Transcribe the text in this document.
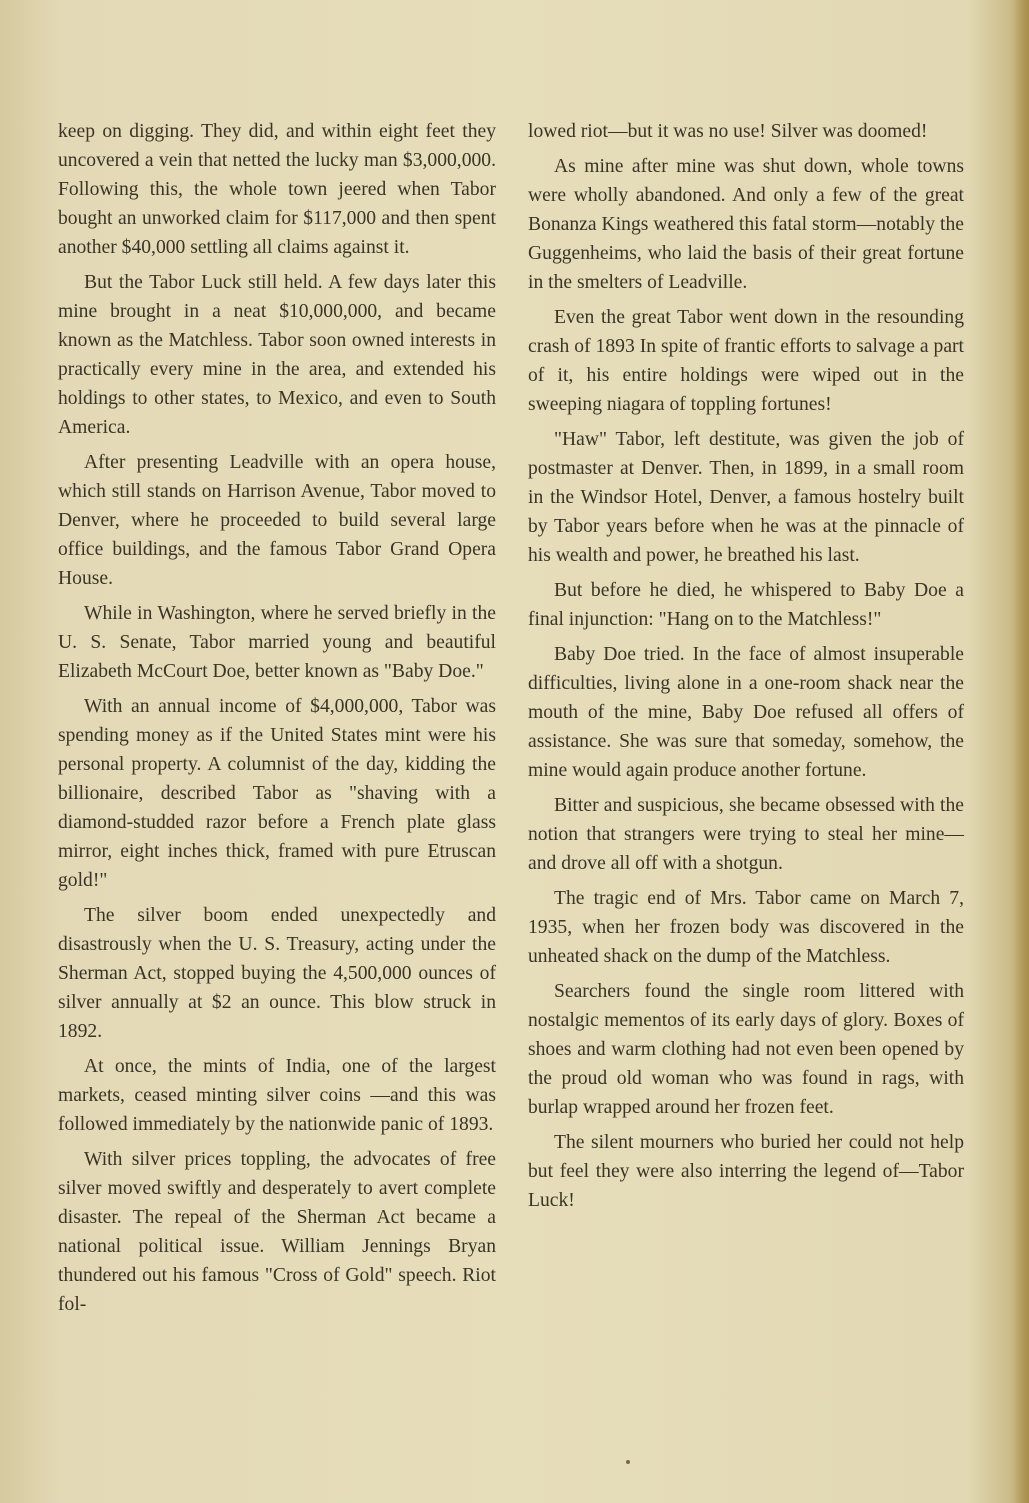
keep on digging. They did, and within eight feet they uncovered a vein that netted the lucky man $3,000,000. Following this, the whole town jeered when Tabor bought an unworked claim for $117,000 and then spent another $40,000 settling all claims against it.

But the Tabor Luck still held. A few days later this mine brought in a neat $10,000,000, and became known as the Matchless. Tabor soon owned interests in practically every mine in the area, and extended his holdings to other states, to Mexico, and even to South America.

After presenting Leadville with an opera house, which still stands on Harrison Avenue, Tabor moved to Denver, where he proceeded to build several large office buildings, and the famous Tabor Grand Opera House.

While in Washington, where he served briefly in the U. S. Senate, Tabor married young and beautiful Elizabeth McCourt Doe, better known as "Baby Doe."

With an annual income of $4,000,000, Tabor was spending money as if the United States mint were his personal property. A columnist of the day, kidding the billionaire, described Tabor as "shaving with a diamond-studded razor before a French plate glass mirror, eight inches thick, framed with pure Etruscan gold!"

The silver boom ended unexpectedly and disastrously when the U. S. Treasury, acting under the Sherman Act, stopped buying the 4,500,000 ounces of silver annually at $2 an ounce. This blow struck in 1892.

At once, the mints of India, one of the largest markets, ceased minting silver coins —and this was followed immediately by the nationwide panic of 1893.

With silver prices toppling, the advocates of free silver moved swiftly and desperately to avert complete disaster. The repeal of the Sherman Act became a national political issue. William Jennings Bryan thundered out his famous "Cross of Gold" speech. Riot fol-

lowed riot—but it was no use! Silver was doomed!

As mine after mine was shut down, whole towns were wholly abandoned. And only a few of the great Bonanza Kings weathered this fatal storm—notably the Guggenheims, who laid the basis of their great fortune in the smelters of Leadville.

Even the great Tabor went down in the resounding crash of 1893 In spite of frantic efforts to salvage a part of it, his entire holdings were wiped out in the sweeping niagara of toppling fortunes!

"Haw" Tabor, left destitute, was given the job of postmaster at Denver. Then, in 1899, in a small room in the Windsor Hotel, Denver, a famous hostelry built by Tabor years before when he was at the pinnacle of his wealth and power, he breathed his last.

But before he died, he whispered to Baby Doe a final injunction: "Hang on to the Matchless!"

Baby Doe tried. In the face of almost insuperable difficulties, living alone in a one-room shack near the mouth of the mine, Baby Doe refused all offers of assistance. She was sure that someday, somehow, the mine would again produce another fortune.

Bitter and suspicious, she became obsessed with the notion that strangers were trying to steal her mine—and drove all off with a shotgun.

The tragic end of Mrs. Tabor came on March 7, 1935, when her frozen body was discovered in the unheated shack on the dump of the Matchless.

Searchers found the single room littered with nostalgic mementos of its early days of glory. Boxes of shoes and warm clothing had not even been opened by the proud old woman who was found in rags, with burlap wrapped around her frozen feet.

The silent mourners who buried her could not help but feel they were also interring the legend of—Tabor Luck!
